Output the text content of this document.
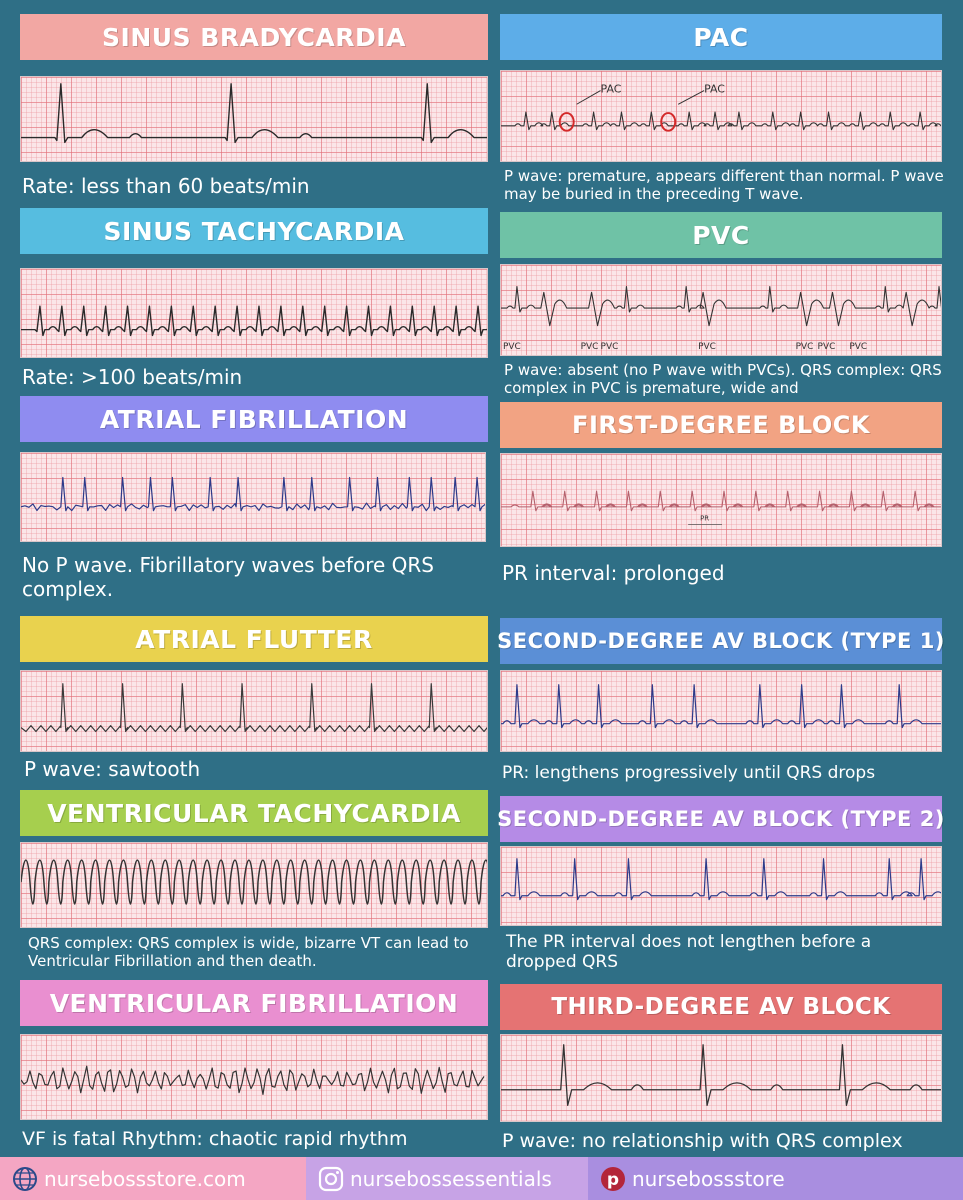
SINUS BRADYCARDIA
Rate: less than 60 beats/min
SINUS TACHYCARDIA
Rate: >100 beats/min
ATRIAL FIBRILLATION
No P wave. Fibrillatory waves before QRS complex.
ATRIAL FLUTTER
P wave: sawtooth
VENTRICULAR TACHYCARDIA
QRS complex: QRS complex is wide, bizarre VT can lead to Ventricular Fibrillation and then death.
VENTRICULAR FIBRILLATION
VF is fatal Rhythm: chaotic rapid rhythm
PAC
PAC	PAC
P wave: premature, appears different than normal. P wave may be buried in the preceding T wave.
PVC
PVC	PVC PVC	PVC	PVC PVC PVC
P wave: absent (no P wave with PVCs). QRS complex: QRS complex in PVC is premature, wide and
FIRST-DEGREE BLOCK
PR
PR interval: prolonged
SECOND-DEGREE AV BLOCK (TYPE 1)
PR: lengthens progressively until QRS drops
SECOND-DEGREE AV BLOCK (TYPE 2)
The PR interval does not lengthen before a dropped QRS
THIRD-DEGREE AV BLOCK
P wave: no relationship with QRS complex
nursebossstore.com	nursebossessentials	p nursebossstore
